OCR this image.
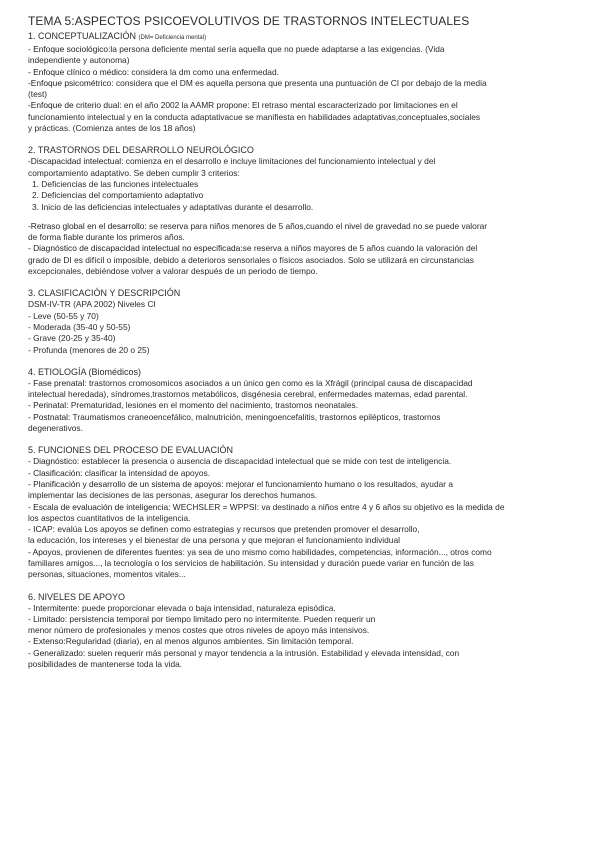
TEMA 5:ASPECTOS PSICOEVOLUTIVOS DE TRASTORNOS INTELECTUALES

1. CONCEPTUALIZACIÓN (DM= Deficiencia mental)

- Enfoque sociológico:la persona deficiente mental sería aquella que no puede adaptarse a las exigencias. (Vida

independiente y autonoma)

- Enfoque clínico o médico: considera la dm como una enfermedad.

-Enfoque psicométrico: considera que el DM es aquella persona que presenta una puntuación de CI por debajo de la media

(test)

-Enfoque de criterio dual: en el año 2002 la AAMR propone: El retraso mental escaracterizado por limitaciones en el

funcionamiento intelectual y en la conducta adaptativacue se manifiesta en habilidades adaptativas,conceptuales,sociales

y prácticas. (Comienza antes de los 18 años)

2. TRASTORNOS DEL DESARROLLO NEUROLÓGICO

-Discapacidad intelectual: comienza en el desarrollo e incluye limitaciones del funcionamiento intelectual y del

comportamiento adaptativo. Se deben cumplir 3 criterios:

1. Deficiencias de las funciones intelectuales

2. Deficiencias del comportamiento adaptativo

3. Inicio de las deficiencias intelectuales y adaptativas durante el desarrollo.

-Retraso global en el desarrollo: se reserva para niños menores de 5 años,cuando el nivel de gravedad no se puede valorar

de forma fiable durante los primeros años.

- Diagnóstico de discapacidad intelectual no especificada:se reserva a niños mayores de 5 años cuando la valoración del

grado de DI es difícil o imposible, debido a deterioros sensoriales o físicos asociados. Solo se utilizará en circunstancias

excepcionales, debiéndose volver a valorar después de un periodo de tiempo.

3. CLASIFICACIÓN Y DESCRIPCIÓN

DSM-IV-TR (APA 2002) Niveles CI

- Leve (50-55 y 70)

- Moderada (35-40 y 50-55)

- Grave (20-25 y 35-40)

- Profunda (menores de 20 o 25)

4. ETIOLOGÍA (Biomédicos)

- Fase prenatal: trastornos cromosomicos asociados a un único gen como es la Xfrágil (principal causa de discapacidad

intelectual heredada), síndromes,trastornos metabólicos, disgénesia cerebral, enfermedades maternas, edad parental.

- Perinatal: Prematuridad, lesiones en el momento del nacimiento, trastornos neonatales.

- Postnatal: Traumatismos craneoencefálico, malnutrición, meningoencefalitis, trastornos epilépticos, trastornos

degenerativos.

5. FUNCIONES DEL PROCESO DE EVALUACIÓN

- Diagnóstico: establecer la presencia o ausencia de discapacidad intelectual que se mide con test de inteligencia.

- Clasificación: clasificar la intensidad de apoyos.

- Planificación y desarrollo de un sistema de apoyos: mejorar el funcionamiento humano o los resultados, ayudar a

implementar las decisiones de las personas, asegurar los derechos humanos.

- Escala de evaluación de inteligencia: WECHSLER = WPPSI: va destinado a niños entre 4 y 6 años su objetivo es la medida de

los aspectos cuantitativos de la inteligencia.

- ICAP: evalúa Los apoyos se definen como estrategias y recursos que pretenden promover el desarrollo,

la educación, los intereses y el bienestar de una persona y que mejoran el funcionamiento individual

- Apoyos, provienen de diferentes fuentes: ya sea de uno mismo como habilidades, competencias, información..., otros como

familiares amigos..., la tecnología o los servicios de habilitación. Su intensidad y duración puede variar en función de las

personas, situaciones, momentos vitales...

6. NIVELES DE APOYO

- Intermitente: puede proporcionar elevada o baja intensidad, naturaleza episódica.

- Limitado: persistencia temporal por tiempo limitado pero no intermitente. Pueden requerir un

menor número de profesionales y menos costes que otros niveles de apoyo más intensivos.

- Extenso:Regularidad (diaria), en al menos algunos ambientes. Sin limitación temporal.

- Generalizado: suelen requerir más personal y mayor tendencia a la intrusión. Estabilidad y elevada intensidad, con

posibilidades de mantenerse toda la vida.
